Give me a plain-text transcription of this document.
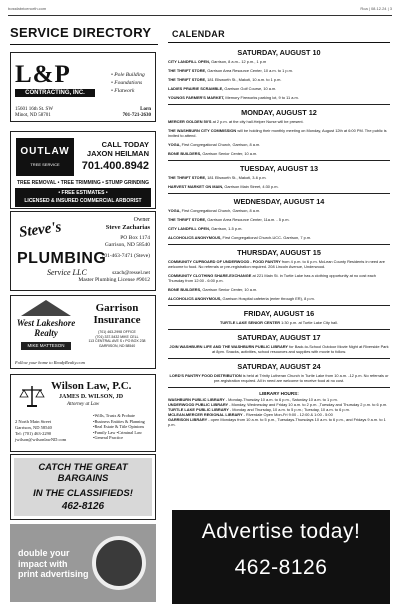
bossfabricenorth.com	Roa | 08.12.24 | 3
SERVICE DIRECTORY
L&P
CONTRACTING, INC.
• Pole Building
• Foundations
• Flatwork
15601 16th St. SW
Minot, ND 58701
Lorn
701-721-2630
OUTLAW
TREE SERVICE
CALL TODAY
JAXON HEILMAN
701.400.8942
TREE REMOVAL • TREE TRIMMING • STUMP GRINDING
• FREE ESTIMATES •
LICENSED & INSURED COMMERCIAL ARBORIST
Steve's
PLUMBING
Service LLC
Owner
Steve Zacharias
PO Box 1174
Garrison, ND 58540
701-463-7471 (Steve)
szach@ressel.net
Master Plumbing License #9012
West Lakeshore Realty
MIKE MATTESON
Garrison
Insurance
(701) 463-2998 OFFICE
(701) 337-5432 MIKE CELL
113 CENTRAL AVE S • PO BOX 238
GARRISON, ND 58540
Follow your home to ReadyRealty.com
Wilson Law, P.C.
JAMES D. WILSON, JD
Attorney at Law
2 North Main Street
Garrison, ND 58540
Tel: (701) 463-2290
jwilson@wilsonlawND.com
•Wills, Trusts & Probate
•Business Entities & Planning
•Real Estate & Title Opinions
•Family Law •Criminal Law
•General Practice
CATCH THE GREAT BARGAINS
IN THE CLASSIFIEDS!
462-8126
double your
impact with
print advertising
CALENDAR
SATURDAY, AUGUST 10
CITY LANDFILL OPEN, Garrison, 8 a.m.- 12 p.m., 1 p.m
THE THRIFT STORE, Garrison Area Resource Center, 10 a.m. to 1 p.m.
THE THRIFT STORE, 181 Ellsworth St., Makoti, 10 a.m. to 1 p.m.
LADIES PRAIRIE SCRAMBLE, Garrison Golf Course, 10 a.m.
YOUNGS FARMER'S MARKET, Memory Fireworks parking lot, 9 to 11 a.m.
MONDAY, AUGUST 12
MERCER GOLDEN 50'S at 2 p.m. at the city hall.Helper Nurse will be present.
THE WASHBURN CITY COMMISSION will be holding their monthly meeting on Monday, August 12th at 6:00 PM. The public is invited to attend.
YOGA, First Congregational Church, Garrison, 8 a.m.
BONE BUILDERS, Garrison Senior Center, 10 a.m.
TUESDAY, AUGUST 13
THE THRIFT STORE, 181 Ellsworth St., Makoti, 3-6 p.m.
HARVEST MARKET ON MAIN, Garrison Main Street, 4:30 p.m.
WEDNESDAY, AUGUST 14
YOGA, First Congregational Church, Garrison, 8 a.m.
THE THRIFT STORE, Garrison Area Resource Center, 11a.m. - 5 p.m.
CITY LANDFILL OPEN, Garrison, 1-5 p.m.
ALCOHOLICS ANONYMOUS, First Congregational Church-UCC- Garrison, 7 p.m.
THURSDAY, AUGUST 15
COMMUNITY CUPBOARD OF UNDERWOOD - FOOD PANTRY from 4 p.m. to 6 p.m. McLean County Residents in need are welcome to food. No referrals or pre-registration required. 208 Lincoln Avenue, Underwood.
COMMUNITY CLOTHING SHARE-EXCHANGE at 221 Main St. in Turtle Lake has a clothing opportunity at no cost each Thursday from 12:00 - 6:00 p.m.
BONE BUILDERS, Garrison Senior Center, 10 a.m.
ALCOHOLICS ANONYMOUS, Garrison Hospital cafeteria (enter through ER), 8 p.m.
FRIDAY, AUGUST 16
TURTLE LAKE SENIOR CENTER 1:30 p.m. at Turtle Lake City hall.
SATURDAY, AUGUST 17
JOIN WASHBURN LIFE AND THE WASHBURN PUBLIC LIBRARY for Back-to-School Outdoor Movie Night at Riverside Park at 8pm. Snacks, activities, school resources and supplies with movie to follow.
SATURDAY, AUGUST 24
LORD'S PANTRY FOOD DISTRIBUTION is held at Trinity Lutheran Church in Turtle Lake from 10 a.m. -12 p.m. No referrals or pre-registration required. All in need are welcome to receive food at no cost.
LIBRARY HOURS:
WASHBURN PUBLIC LIBRARY - Monday-Thursday 10 a.m. to 6 p.m., Saturday 10 a.m. to 1 p.m.
UNDERWOOD PUBLIC LIBRARY - Monday, Wednesday and Friday 10 a.m. to 2 p.m. ,Tuesday and Thursday 2 p.m. to 6 p.m.
TURTLE LAKE PUBLIC LIBRARY - Monday and Thursday, 10 a.m. to 5 p.m.; Tuesday, 10 a.m. to 6 p.m.
MCLEAN-MERCER REGIONAL LIBRARY - Riverdale Open Mon-Fri 9:00 - 12:00 & 1:00 - 5:00
GARRISON LIBRARY - open Mondays from 10 a.m. to 5 p.m., Tuesdays-Thursdays 10 a.m. to 6 p.m., and Fridays 9 a.m. to 1 p.m.
Advertise today!
462-8126
